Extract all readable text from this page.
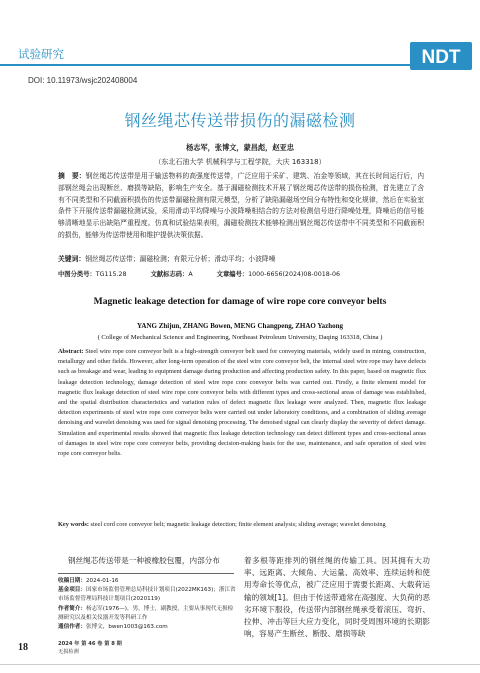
试验研究	NDT
DOI: 10.11973/wsjc202408004
钢丝绳芯传送带损伤的漏磁检测
杨志军，张博文，蒙昌彪，赵亚忠
（东北石油大学 机械科学与工程学院，大庆 163318）
摘　要：钢丝绳芯传送带是用于输送物料的高强度传送带，广泛应用于采矿、建筑、冶金等领域，其在长时间运行后，内部钢丝绳会出现断丝、磨损等缺陷，影响生产安全。基于漏磁检测技术开展了钢丝绳芯传送带的损伤检测，首先建立了含有不同类型和不同截面积损伤的传送带漏磁检测有限元模型，分析了缺陷漏磁场空间分布特性和变化规律，然后在实验室条件下开展传送带漏磁检测试验，采用滑动平均降噪与小波降噪相结合的方法对检测信号进行降噪处理，降噪后的信号能够清晰地显示出缺陷严重程度。仿真和试验结果表明，漏磁检测技术能够检测出钢丝绳芯传送带中不同类型和不同截面积的损伤，能够为传送带使用和维护提供决策依据。
关键词：钢丝绳芯传送带；漏磁检测；有限元分析；滑动平均；小波降噪
中图分类号：TG115.28	文献标志码：A	文章编号：1000-6656(2024)08-0018-06
Magnetic leakage detection for damage of wire rope core conveyor belts
YANG Zhijun, ZHANG Bowen, MENG Changpeng, ZHAO Yazhong
( College of Mechanical Science and Engineering, Northeast Petroleum University, Daqing 163318, China )
Abstract: Steel wire rope core conveyor belt is a high-strength conveyor belt used for conveying materials, widely used in mining, construction, metallurgy and other fields. However, after long-term operation of the steel wire core conveyor belt, the internal steel wire rope may have defects such as breakage and wear, leading to equipment damage during production and affecting production safety. In this paper, based on magnetic flux leakage detection technology, damage detection of steel wire rope core conveyor belts was carried out. Firstly, a finite element model for magnetic flux leakage detection of steel wire rope core conveyor belts with different types and cross-sectional areas of damage was established, and the spatial distribution characteristics and variation rules of defect magnetic flux leakage were analyzed. Then, magnetic flux leakage detection experiments of steel wire rope core conveyor belts were carried out under laboratory conditions, and a combination of sliding average denoising and wavelet denoising was used for signal denoising processing. The denoised signal can clearly display the severity of defect damage. Simulation and experimental results showed that magnetic flux leakage detection technology can detect different types and cross-sectional areas of damages in steel wire rope core conveyor belts, providing decision-making basis for the use, maintenance, and safe operation of steel wire rope core conveyor belts.
Key words: steel cord core conveyor belt; magnetic leakage detection; finite element analysis; sliding average; wavelet denoising
钢丝绳芯传送带是一种被橡胶包覆，内部分布
收稿日期：2024-01-16
基金项目：国家市场监督管理总局科技计划项目(2022MK163)；浙江省市场监督管理局科技计划项目(2020119)
作者简介：杨志军(1976—)，男，博士，副教授，主要从事现代无损检测研究以及相关仪器开发等科研工作
通信作者：张博文，bwen1003@163.com
着多根等距排列的钢丝绳的传输工具。因其拥有大功率、远距离、大倾角、大运量、高效率、连续运转和使用寿命长等优点，被广泛应用于需要长距离、大载荷运输的领域[1]。但由于传送带通常在高强度、大负荷的恶劣环境下服役，传送带内部钢丝绳承受着滚压、弯折、拉伸、冲击等巨大应力变化，同时受周围环境的长期影响，容易产生断丝、断股、磨损等缺
18	2024 年 第 46 卷 第 8 期
无损检测
